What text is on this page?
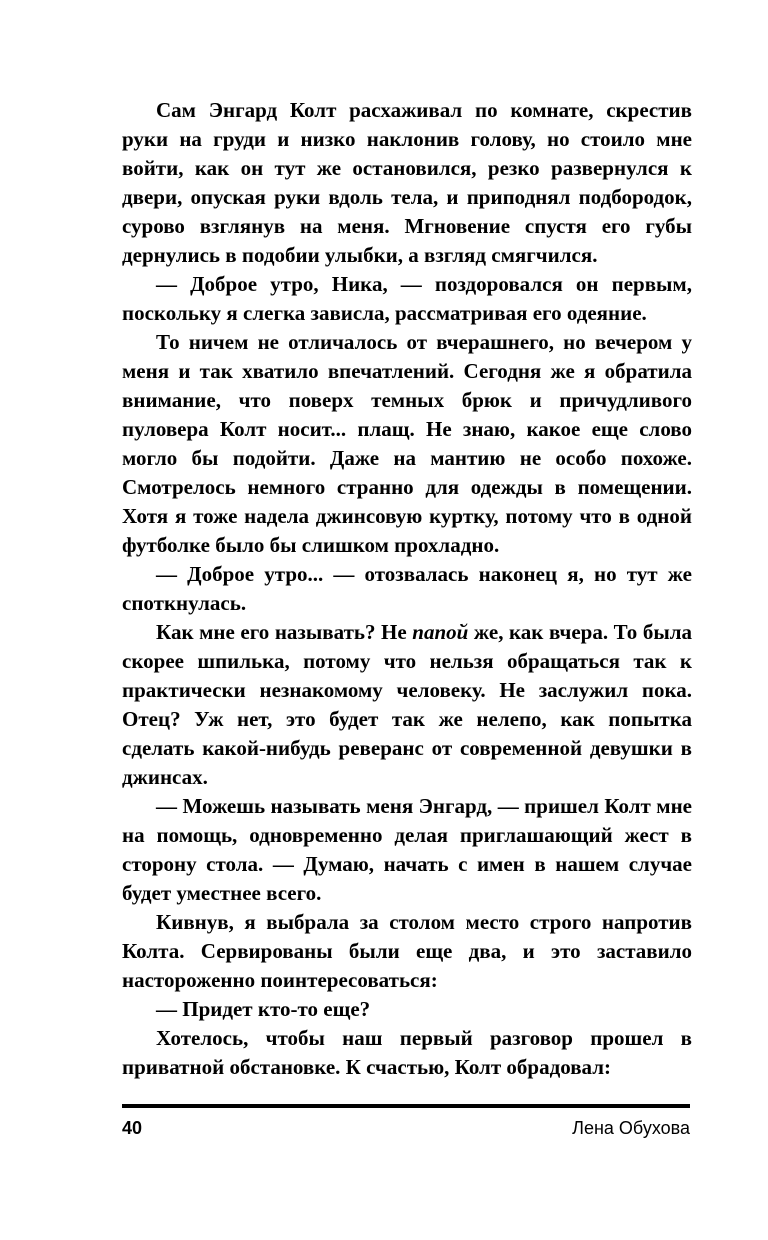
Сам Энгард Колт расхаживал по комнате, скрестив руки на груди и низко наклонив голову, но стоило мне войти, как он тут же остановился, резко развернулся к двери, опуская руки вдоль тела, и приподнял подбородок, сурово взглянув на меня. Мгновение спустя его губы дернулись в подобии улыбки, а взгляд смягчился.

— Доброе утро, Ника, — поздоровался он первым, поскольку я слегка зависла, рассматривая его одеяние.

То ничем не отличалось от вчерашнего, но вечером у меня и так хватило впечатлений. Сегодня же я обратила внимание, что поверх темных брюк и причудливого пуловера Колт носит... плащ. Не знаю, какое еще слово могло бы подойти. Даже на мантию не особо похоже. Смотрелось немного странно для одежды в помещении. Хотя я тоже надела джинсовую куртку, потому что в одной футболке было бы слишком прохладно.

— Доброе утро... — отозвалась наконец я, но тут же споткнулась.

Как мне его называть? Не папой же, как вчера. То была скорее шпилька, потому что нельзя обращаться так к практически незнакомому человеку. Не заслужил пока. Отец? Уж нет, это будет так же нелепо, как попытка сделать какой-нибудь реверанс от современной девушки в джинсах.

— Можешь называть меня Энгард, — пришел Колт мне на помощь, одновременно делая приглашающий жест в сторону стола. — Думаю, начать с имен в нашем случае будет уместнее всего.

Кивнув, я выбрала за столом место строго напротив Колта. Сервированы были еще два, и это заставило настороженно поинтересоваться:

— Придет кто-то еще?

Хотелось, чтобы наш первый разговор прошел в приватной обстановке. К счастью, Колт обрадовал:

40	Лена Обухова
